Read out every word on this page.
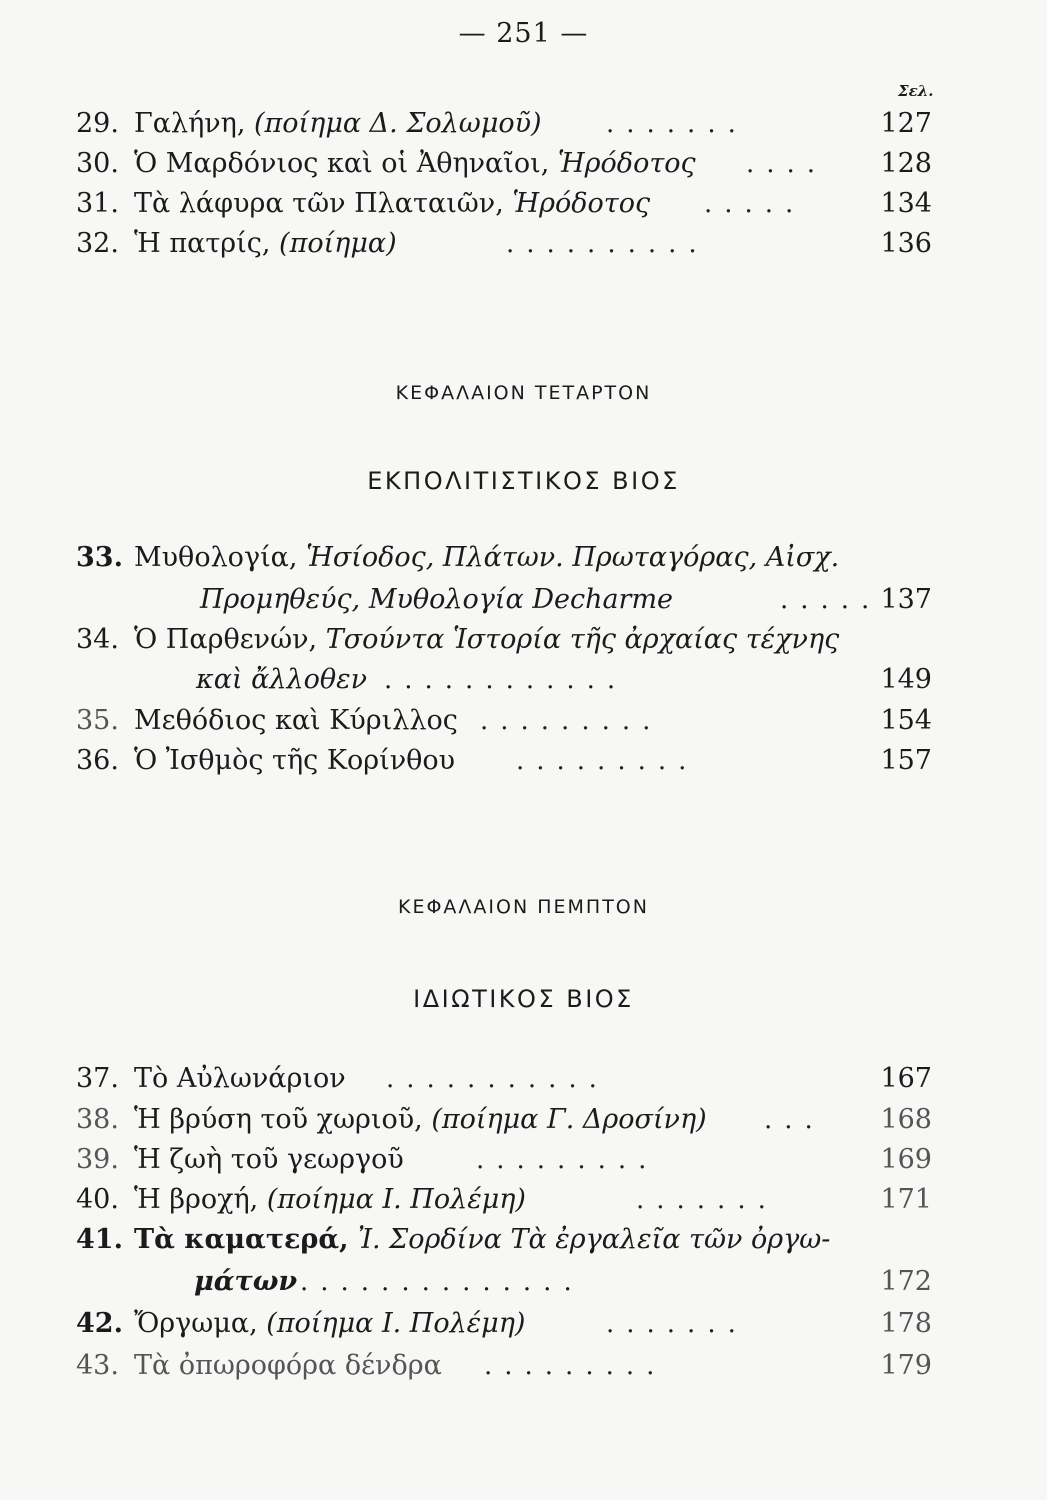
— 251 —
Σελ.
29. Γαλήνη, (ποίημα Δ. Σολωμοῦ) .......	127
30. Ὁ Μαρδόνιος καὶ οἱ Ἀθηναῖοι, Ἡρόδοτος .... 128
31. Τὰ λάφυρα τῶν Πλαταιῶν, Ἡρόδοτος .....	134
32. Ἡ πατρίς, (ποίημα)	..........	136
ΚΕΦΑΛΑΙΟΝ ΤΕΤΑΡΤΟΝ
ΕΚΠΟΛΙΤΙΣΤΙΚΟΣ ΒΙΟΣ
33. Μυθολογία, Ἡσίοδος, Πλάτων. Πρωταγόρας, Αἰσχ.
Προμηθεύς, Μυθολογία Decharme	..... 137
34. Ὁ Παρθενών, Τσούντα Ἱστορία τῆς ἀρχαίας τέχνης
καὶ ἄλλοθεν ............	149
35. Μεθόδιος καὶ Κύριλλος .........	154
36. Ὁ Ἰσθμὸς τῆς Κορίνθου .........	157
ΚΕΦΑΛΑΙΟΝ ΠΕΜΠΤΟΝ
ΙΔΙΩΤΙΚΟΣ ΒΙΟΣ
37. Τὸ Αὐλωνάριον ...........	167
38. Ἡ βρύση τοῦ χωριοῦ, (ποίημα Γ. Δροσίνη) ... 168
39. Ἡ ζωὴ τοῦ γεωργοῦ	.........	169
40. Ἡ βροχή, (ποίημα Ι. Πολέμη)	.......	171
41. Τὰ καματερά, Ἰ. Σορδίνα Τὰ ἐργαλεῖα τῶν ὀργω-
μάτων ..............	172
42. Ὄργωμα, (ποίημα Ι. Πολέμη)	.......	178
43. Τὰ ὀπωροφόρα δένδρα .........	179
